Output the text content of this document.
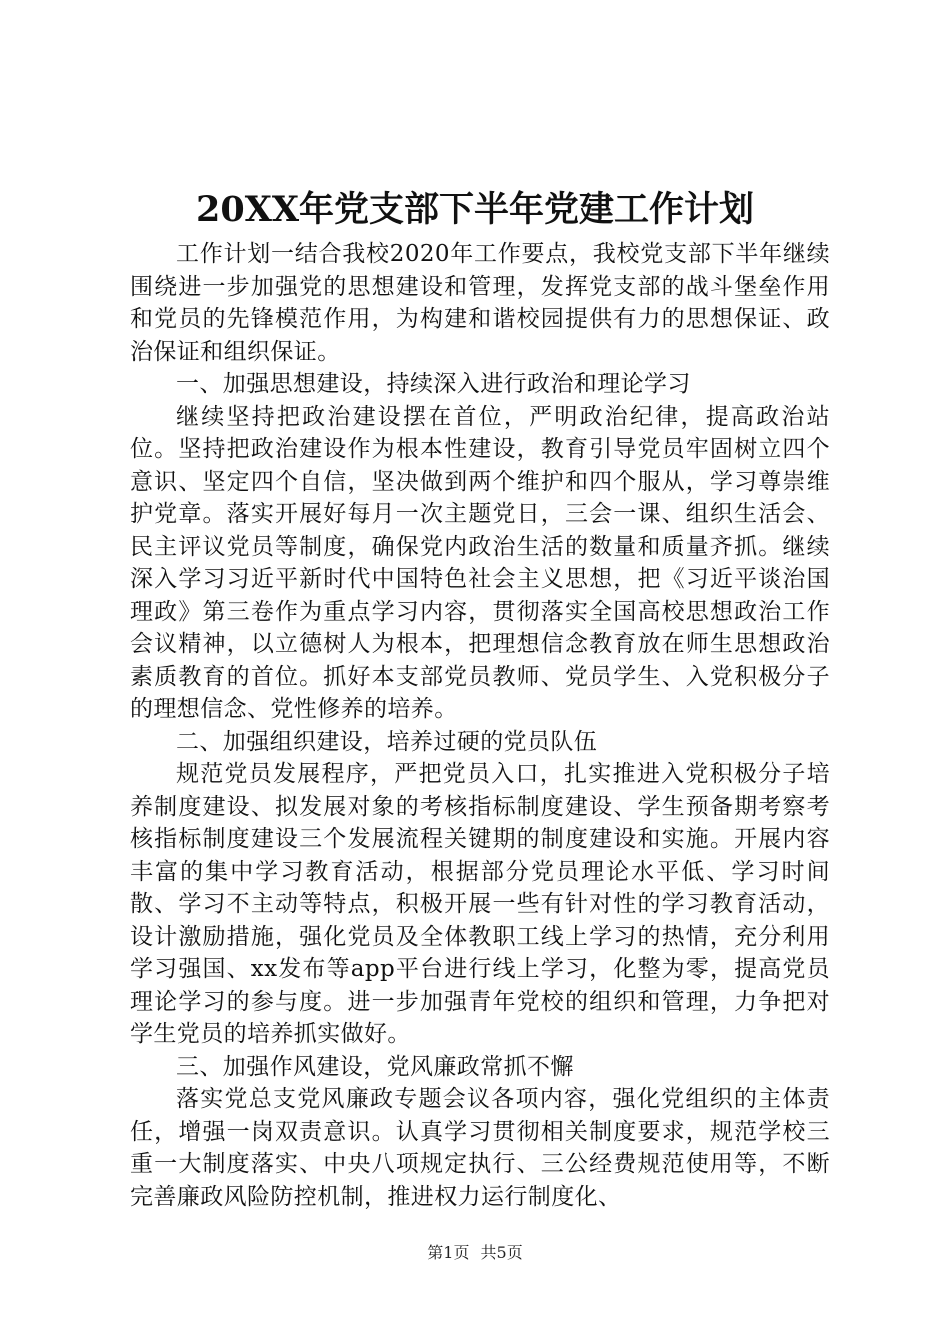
20XX年党支部下半年党建工作计划

工作计划一结合我校2020年工作要点，我校党支部下半年继续围绕进一步加强党的思想建设和管理，发挥党支部的战斗堡垒作用和党员的先锋模范作用，为构建和谐校园提供有力的思想保证、政治保证和组织保证。

一、加强思想建设，持续深入进行政治和理论学习

继续坚持把政治建设摆在首位，严明政治纪律，提高政治站位。坚持把政治建设作为根本性建设，教育引导党员牢固树立四个意识、坚定四个自信，坚决做到两个维护和四个服从，学习尊崇维护党章。落实开展好每月一次主题党日，三会一课、组织生活会、民主评议党员等制度，确保党内政治生活的数量和质量齐抓。继续深入学习习近平新时代中国特色社会主义思想，把《习近平谈治国理政》第三卷作为重点学习内容，贯彻落实全国高校思想政治工作会议精神，以立德树人为根本，把理想信念教育放在师生思想政治素质教育的首位。抓好本支部党员教师、党员学生、入党积极分子的理想信念、党性修养的培养。

二、加强组织建设，培养过硬的党员队伍

规范党员发展程序，严把党员入口，扎实推进入党积极分子培养制度建设、拟发展对象的考核指标制度建设、学生预备期考察考核指标制度建设三个发展流程关键期的制度建设和实施。开展内容丰富的集中学习教育活动，根据部分党员理论水平低、学习时间散、学习不主动等特点，积极开展一些有针对性的学习教育活动，设计激励措施，强化党员及全体教职工线上学习的热情，充分利用学习强国、xx发布等app平台进行线上学习，化整为零，提高党员理论学习的参与度。进一步加强青年党校的组织和管理，力争把对学生党员的培养抓实做好。

三、加强作风建设，党风廉政常抓不懈

落实党总支党风廉政专题会议各项内容，强化党组织的主体责任，增强一岗双责意识。认真学习贯彻相关制度要求，规范学校三重一大制度落实、中央八项规定执行、三公经费规范使用等，不断完善廉政风险防控机制，推进权力运行制度化、

第1页 共5页
